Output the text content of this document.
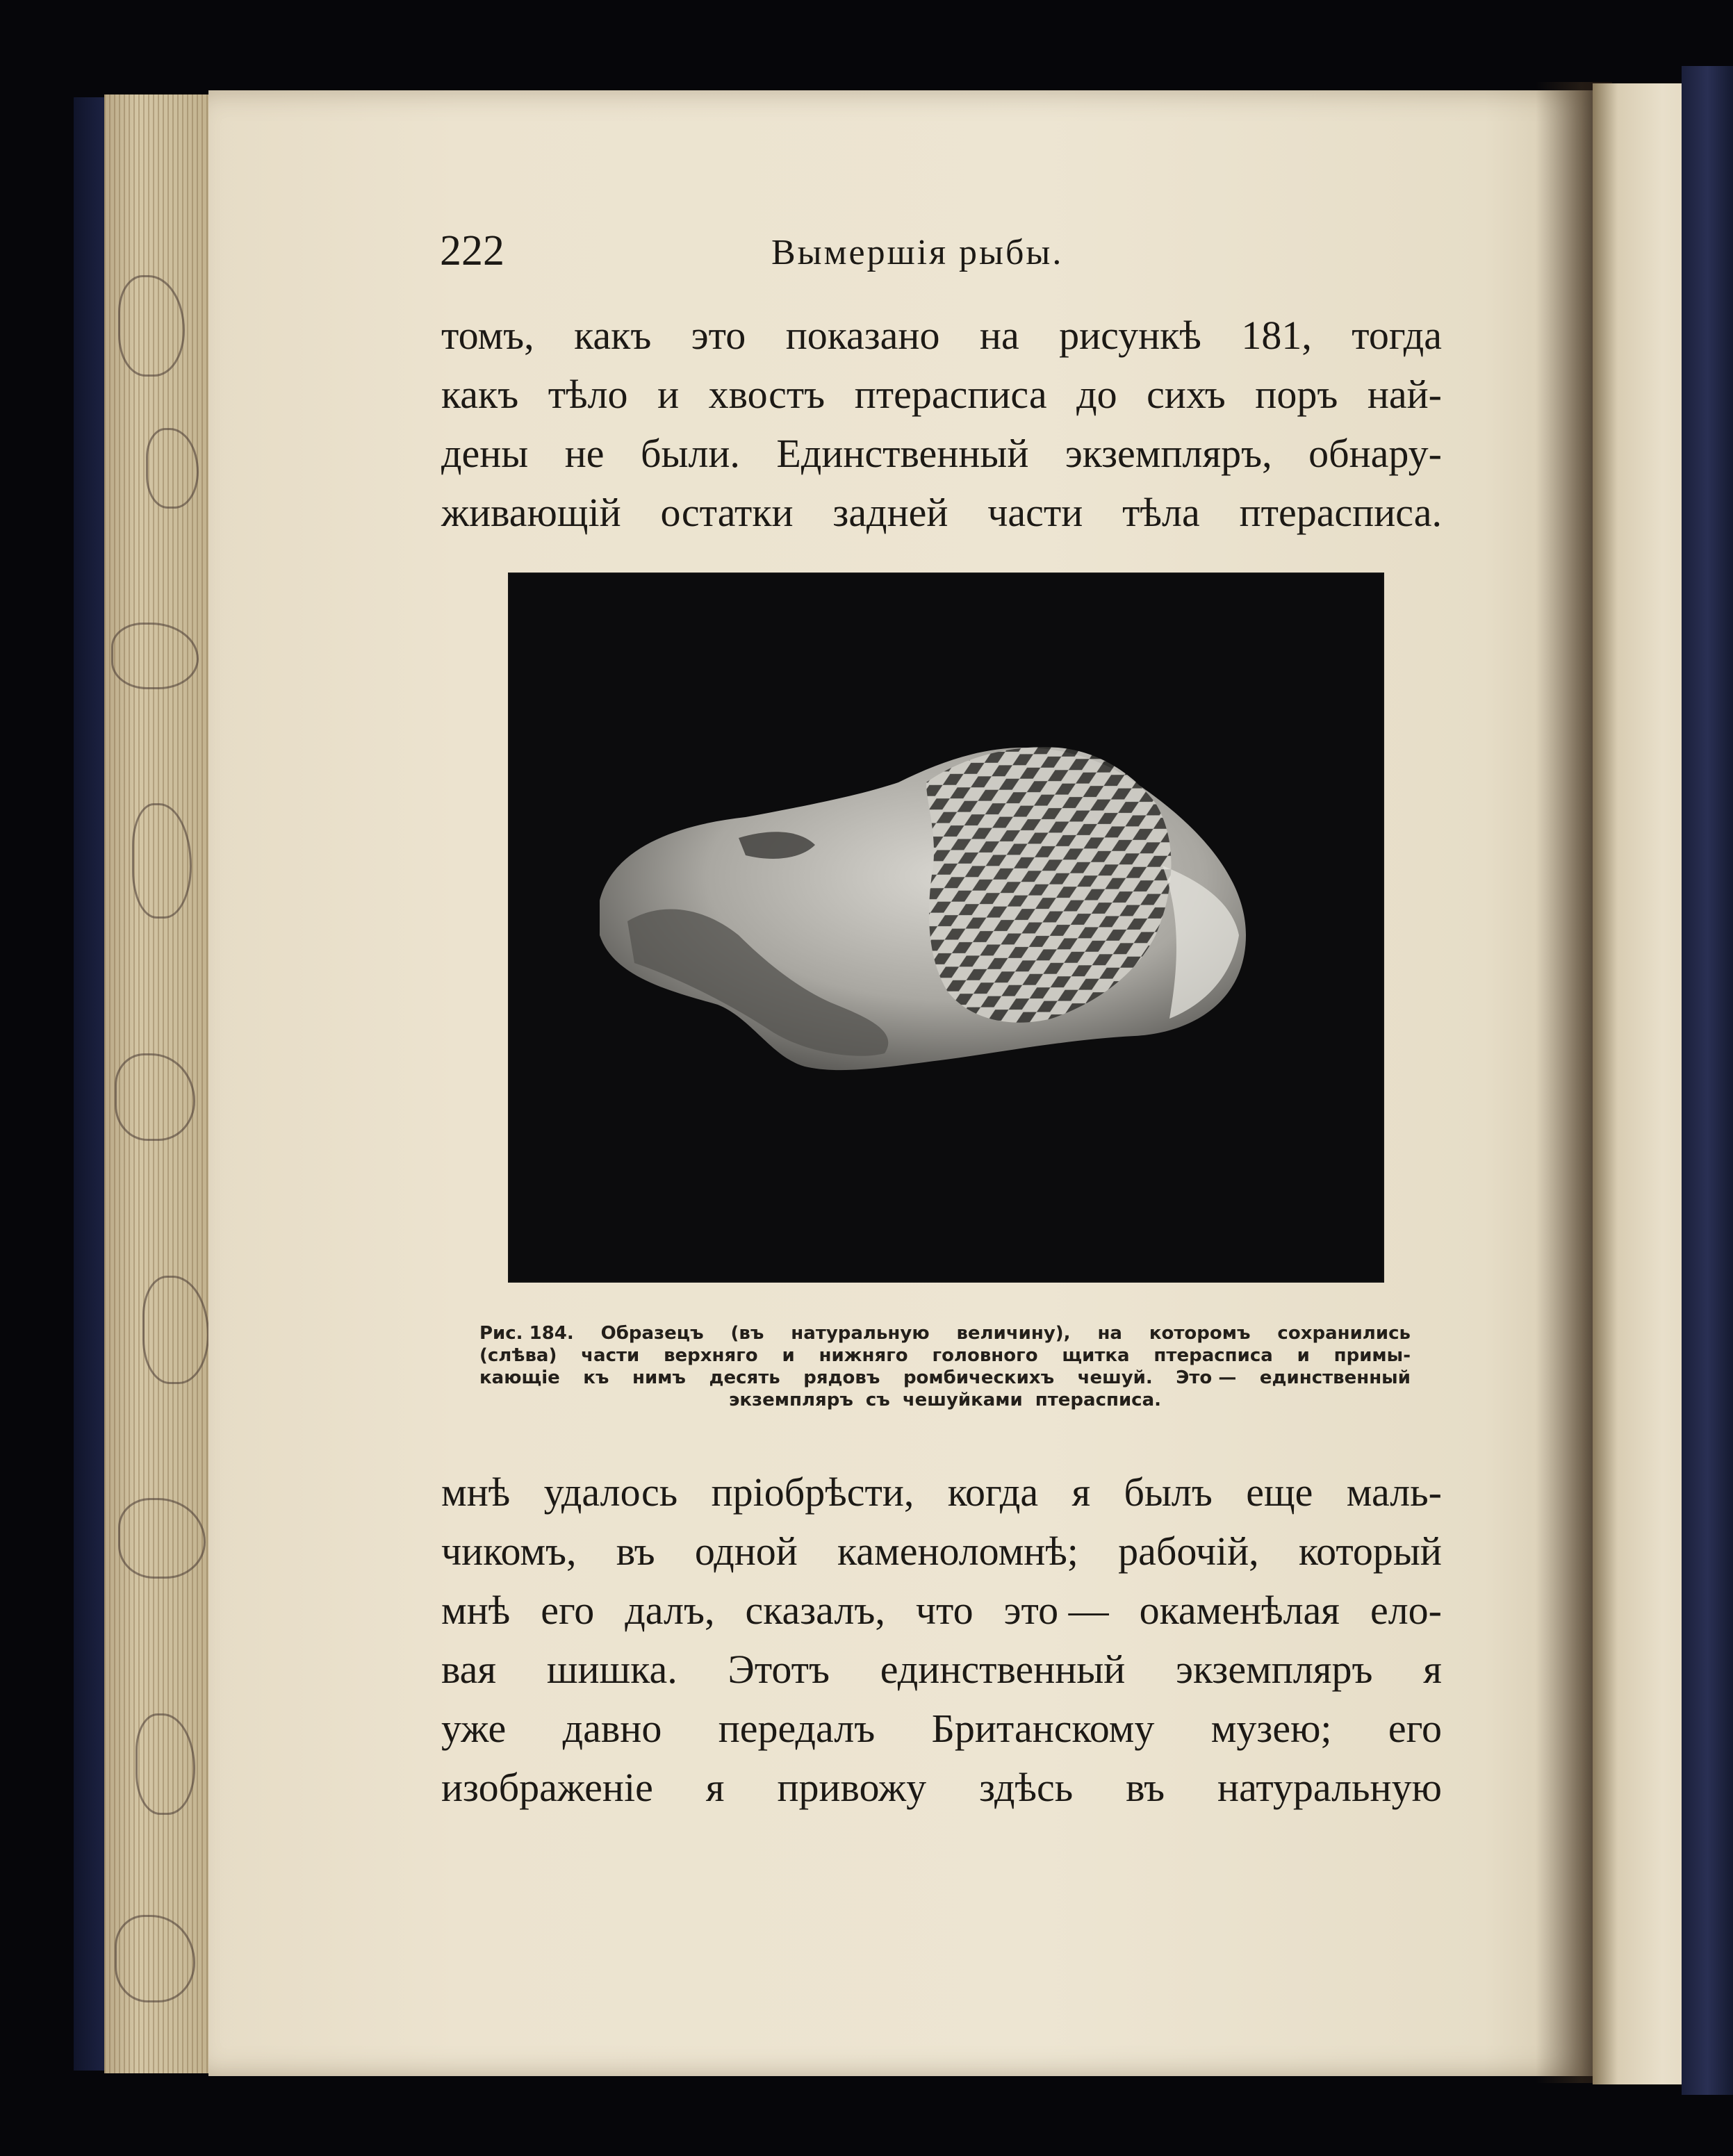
222	Вымершія рыбы.
томъ, какъ это показано на рисункѣ 181, тогда
какъ тѣло и хвостъ птерасписа до сихъ поръ най-
дены не были. Единственный экземпляръ, обнару-
живающій остатки задней части тѣла птерасписа.
Рис. 184. Образецъ (въ натуральную величину), на которомъ сохранились
(слѣва) части верхняго и нижняго головного щитка птерасписа и примы-
кающіе къ нимъ десять рядовъ ромбическихъ чешуй. Это — единственный
экземпляръ съ чешуйками птерасписа.
мнѣ удалось пріобрѣсти, когда я былъ еще маль-
чикомъ, въ одной каменоломнѣ; рабочій, который
мнѣ его далъ, сказалъ, что это — окаменѣлая ело-
вая шишка. Этотъ единственный экземпляръ я
уже давно передалъ Британскому музею; его
изображеніе я привожу здѣсь въ натуральную
